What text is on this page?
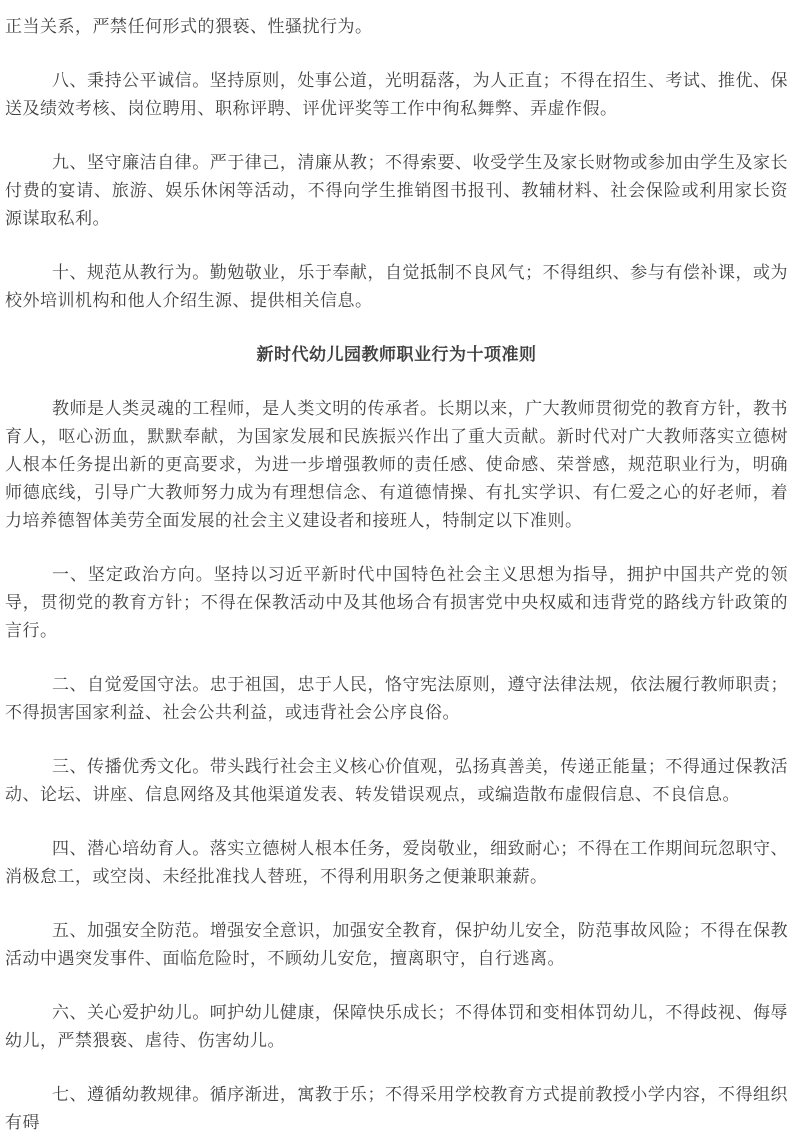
正当关系，严禁任何形式的猥亵、性骚扰行为。

八、秉持公平诚信。坚持原则，处事公道，光明磊落，为人正直；不得在招生、考试、推优、保送及绩效考核、岗位聘用、职称评聘、评优评奖等工作中徇私舞弊、弄虚作假。

九、坚守廉洁自律。严于律己，清廉从教；不得索要、收受学生及家长财物或参加由学生及家长付费的宴请、旅游、娱乐休闲等活动，不得向学生推销图书报刊、教辅材料、社会保险或利用家长资源谋取私利。

十、规范从教行为。勤勉敬业，乐于奉献，自觉抵制不良风气；不得组织、参与有偿补课，或为校外培训机构和他人介绍生源、提供相关信息。

新时代幼儿园教师职业行为十项准则

教师是人类灵魂的工程师，是人类文明的传承者。长期以来，广大教师贯彻党的教育方针，教书育人，呕心沥血，默默奉献，为国家发展和民族振兴作出了重大贡献。新时代对广大教师落实立德树人根本任务提出新的更高要求，为进一步增强教师的责任感、使命感、荣誉感，规范职业行为，明确师德底线，引导广大教师努力成为有理想信念、有道德情操、有扎实学识、有仁爱之心的好老师，着力培养德智体美劳全面发展的社会主义建设者和接班人，特制定以下准则。

一、坚定政治方向。坚持以习近平新时代中国特色社会主义思想为指导，拥护中国共产党的领导，贯彻党的教育方针；不得在保教活动中及其他场合有损害党中央权威和违背党的路线方针政策的言行。

二、自觉爱国守法。忠于祖国，忠于人民，恪守宪法原则，遵守法律法规，依法履行教师职责；不得损害国家利益、社会公共利益，或违背社会公序良俗。

三、传播优秀文化。带头践行社会主义核心价值观，弘扬真善美，传递正能量；不得通过保教活动、论坛、讲座、信息网络及其他渠道发表、转发错误观点，或编造散布虚假信息、不良信息。

四、潜心培幼育人。落实立德树人根本任务，爱岗敬业，细致耐心；不得在工作期间玩忽职守、消极怠工，或空岗、未经批准找人替班，不得利用职务之便兼职兼薪。

五、加强安全防范。增强安全意识，加强安全教育，保护幼儿安全，防范事故风险；不得在保教活动中遇突发事件、面临危险时，不顾幼儿安危，擅离职守，自行逃离。

六、关心爱护幼儿。呵护幼儿健康，保障快乐成长；不得体罚和变相体罚幼儿，不得歧视、侮辱幼儿，严禁猥亵、虐待、伤害幼儿。

七、遵循幼教规律。循序渐进，寓教于乐；不得采用学校教育方式提前教授小学内容，不得组织有碍
